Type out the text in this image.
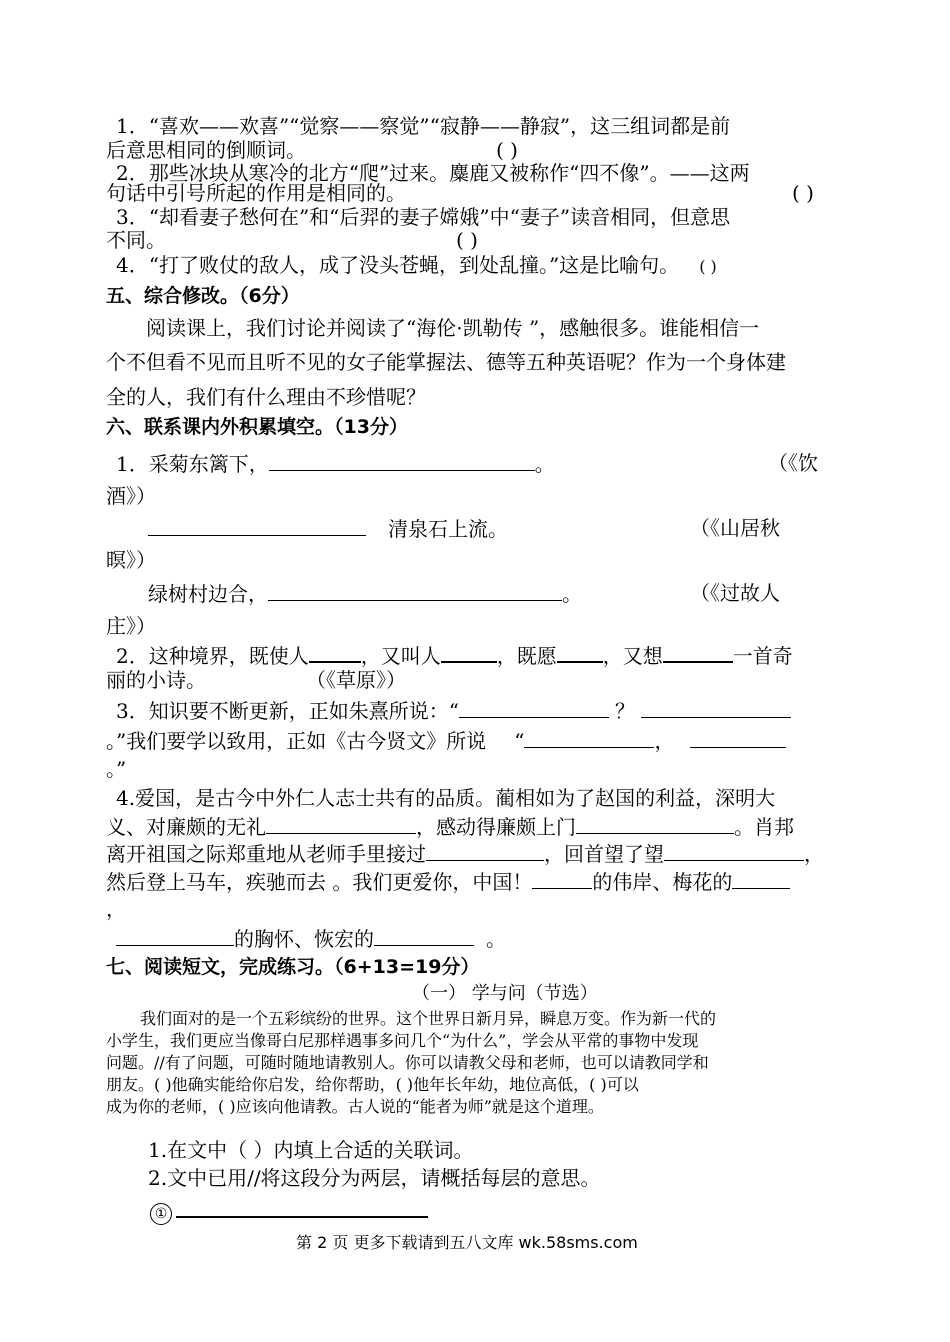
1．“喜欢——欢喜”“觉察——察觉”“寂静——静寂”，这三组词都是前
后意思相同的倒顺词。	( )
2．那些冰块从寒冷的北方“爬”过来。麋鹿又被称作“四不像”。——这两
句话中引号所起的作用是相同的。	( )
3．“却看妻子愁何在”和“后羿的妻子嫦娥”中“妻子”读音相同，但意思
不同。	( )
4．“打了败仗的敌人，成了没头苍蝇，到处乱撞。”这是比喻句。 ( )
五、综合修改。（6分）
阅读课上，我们讨论并阅读了“海伦·凯勒传 ”，感触很多。谁能相信一
个不但看不见而且听不见的女子能掌握法、德等五种英语呢？作为一个身体建
全的人，我们有什么理由不珍惜呢？
六、联系课内外积累填空。（13分）
1．采菊东篱下，	。	（《饮
酒》）
清泉石上流。	（《山居秋
暝》）
绿树村边合，	。	（《过故人
庄》）
2．这种境界，既使人	，又叫人	，既愿 ，又想	一首奇
丽的小诗。	（《草原》）
3．知识要不断更新，正如朱熹所说：“	？
。”我们要学以致用，正如《古今贤文》所说 “	，
。”
4.爱国，是古今中外仁人志士共有的品质。蔺相如为了赵国的利益，深明大
义、对廉颇的无礼	，感动得廉颇上门	。肖邦
离开祖国之际郑重地从老师手里接过	，回首望了望	，
然后登上马车，疾驰而去 。我们更爱你，中国！	的伟岸、梅花的
，
的胸怀、恢宏的	。
七、阅读短文，完成练习。（6+13=19分）
（一） 学与问（节选）
我们面对的是一个五彩缤纷的世界。这个世界日新月异，瞬息万变。作为新一代的
小学生，我们更应当像哥白尼那样遇事多问几个“为什么”，学会从平常的事物中发现
问题。//有了问题，可随时随地请教别人。你可以请教父母和老师，也可以请教同学和
朋友。( )他确实能给你启发，给你帮助，( )他年长年幼，地位高低，( )可以
成为你的老师，( )应该向他请教。古人说的“能者为师”就是这个道理。
1.在文中（ ）内填上合适的关联词。
2.文中已用//将这段分为两层，请概括每层的意思。
①
第 2 页 更多下载请到五八文库 wk.58sms.com
